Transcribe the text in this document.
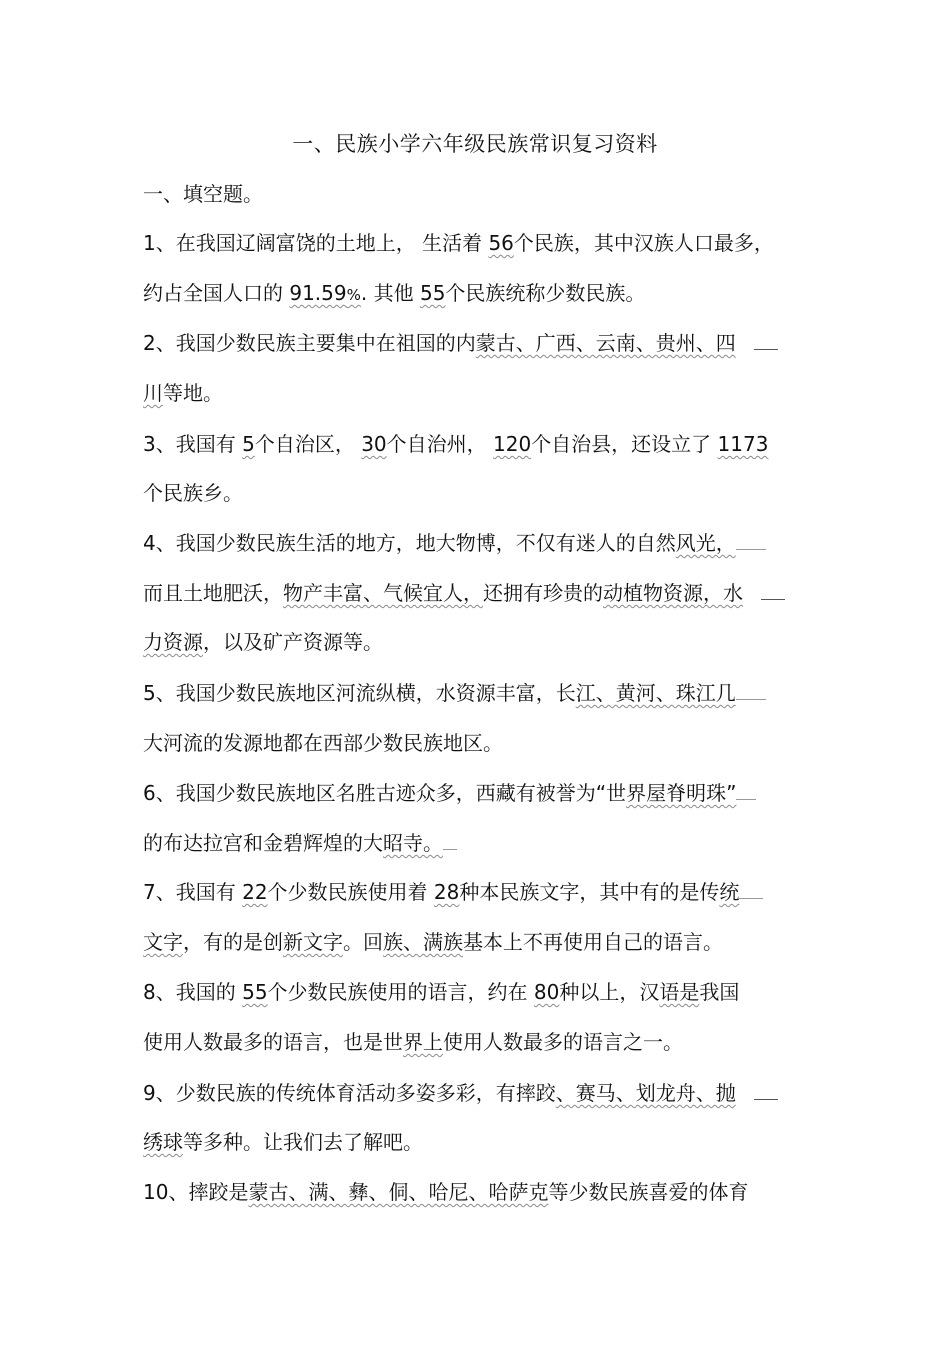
一、民族小学六年级民族常识复习资料
一、填空题。
1、在我国辽阔富饶的土地上， 生活着 56个民族，其中汉族人口最多，
约占全国人口的 91.59%. 其他 55个民族统称少数民族。
2、我国少数民族主要集中在祖国的内蒙古、广西、云南、贵州、四
川等地。
3、我国有 5个自治区， 30个自治州， 120个自治县，还设立了 1173
个民族乡。
4、我国少数民族生活的地方，地大物博，不仅有迷人的自然风光，
而且土地肥沃，物产丰富、气候宜人，还拥有珍贵的动植物资源，水
力资源，以及矿产资源等。
5、我国少数民族地区河流纵横，水资源丰富，长江、黄河、珠江几
大河流的发源地都在西部少数民族地区。
6、我国少数民族地区名胜古迹众多，西藏有被誉为“世界屋脊明珠”
的布达拉宫和金碧辉煌的大昭寺。
7、我国有 22个少数民族使用着 28种本民族文字，其中有的是传统
文字，有的是创新文字。回族、满族基本上不再使用自己的语言。
8、我国的 55个少数民族使用的语言，约在 80种以上，汉语是我国
使用人数最多的语言，也是世界上使用人数最多的语言之一。
9、少数民族的传统体育活动多姿多彩，有摔跤、赛马、划龙舟、抛
绣球等多种。让我们去了解吧。
10、摔跤是蒙古、满、彝、侗、哈尼、哈萨克等少数民族喜爱的体育
